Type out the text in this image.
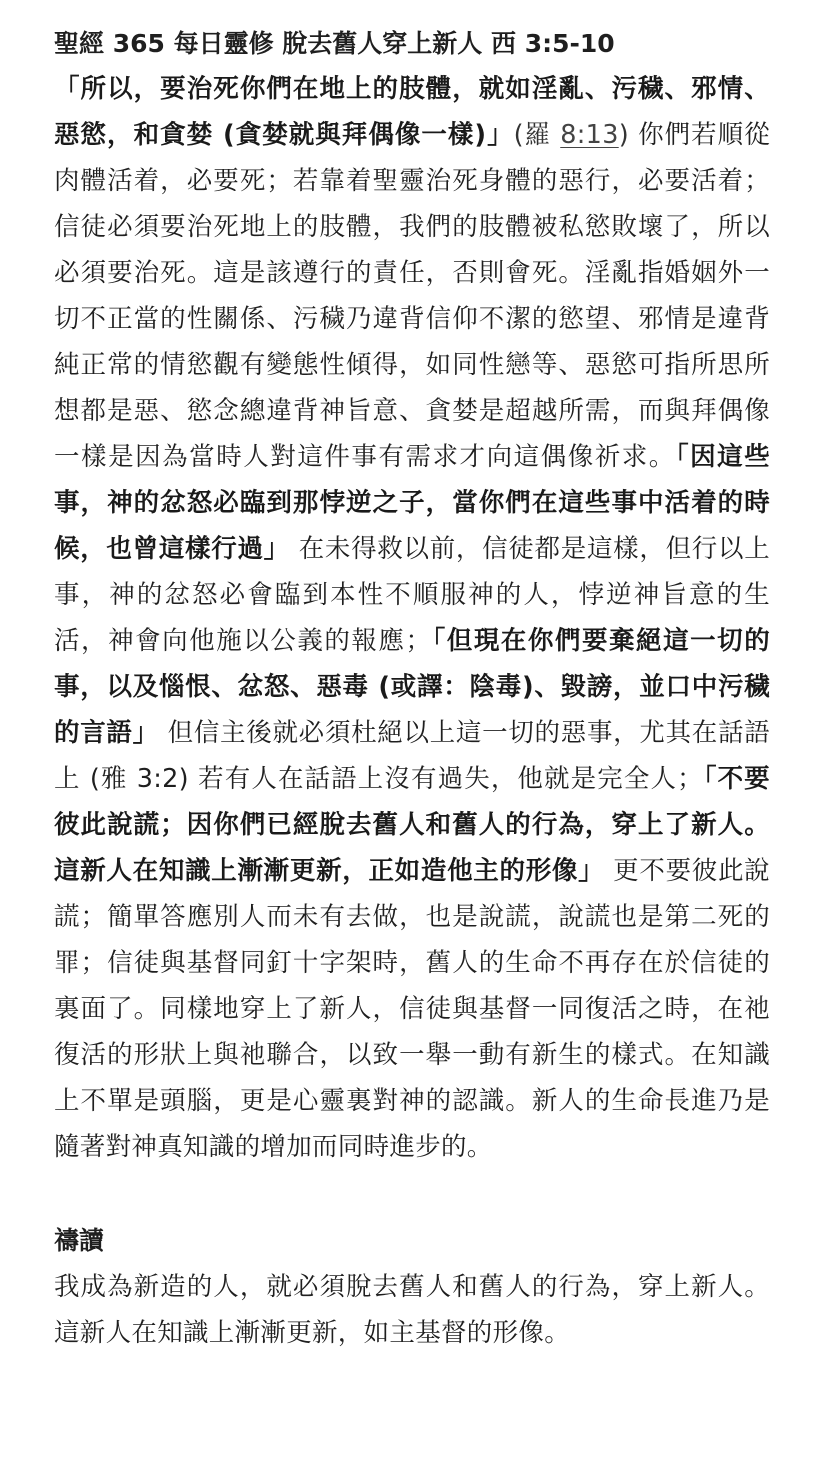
聖經 365 每日靈修 脫去舊人穿上新人 西 3:5-10

「所以，要治死你們在地上的肢體，就如淫亂、污穢、邪情、惡慾，和貪婪 (貪婪就與拜偶像一樣)」(羅 8:13) 你們若順從肉體活着，必要死；若靠着聖靈治死身體的惡行，必要活着；信徒必須要治死地上的肢體，我們的肢體被私慾敗壞了，所以必須要治死。這是該遵行的責任，否則會死。淫亂指婚姻外一切不正當的性關係、污穢乃違背信仰不潔的慾望、邪情是違背純正常的情慾觀有變態性傾得，如同性戀等、惡慾可指所思所想都是惡、慾念總違背神旨意、貪婪是超越所需，而與拜偶像一樣是因為當時人對這件事有需求才向這偶像祈求。「因這些事，神的忿怒必臨到那悖逆之子，當你們在這些事中活着的時候，也曾這樣行過」 在未得救以前，信徒都是這樣，但行以上事，神的忿怒必會臨到本性不順服神的人，悖逆神旨意的生活，神會向他施以公義的報應；「但現在你們要棄絕這一切的事，以及惱恨、忿怒、惡毒 (或譯：陰毒)、毀謗，並口中污穢的言語」 但信主後就必須杜絕以上這一切的惡事，尤其在話語上 (雅 3:2) 若有人在話語上沒有過失，他就是完全人；「不要彼此說謊；因你們已經脫去舊人和舊人的行為，穿上了新人。這新人在知識上漸漸更新，正如造他主的形像」 更不要彼此說謊；簡單答應別人而未有去做，也是說謊，說謊也是第二死的罪；信徒與基督同釘十字架時，舊人的生命不再存在於信徒的裏面了。同樣地穿上了新人，信徒與基督一同復活之時，在祂復活的形狀上與祂聯合，以致一舉一動有新生的樣式。在知識上不單是頭腦，更是心靈裏對神的認識。新人的生命長進乃是隨著對神真知識的增加而同時進步的。

禱讀

我成為新造的人，就必須脫去舊人和舊人的行為，穿上新人。這新人在知識上漸漸更新，如主基督的形像。
